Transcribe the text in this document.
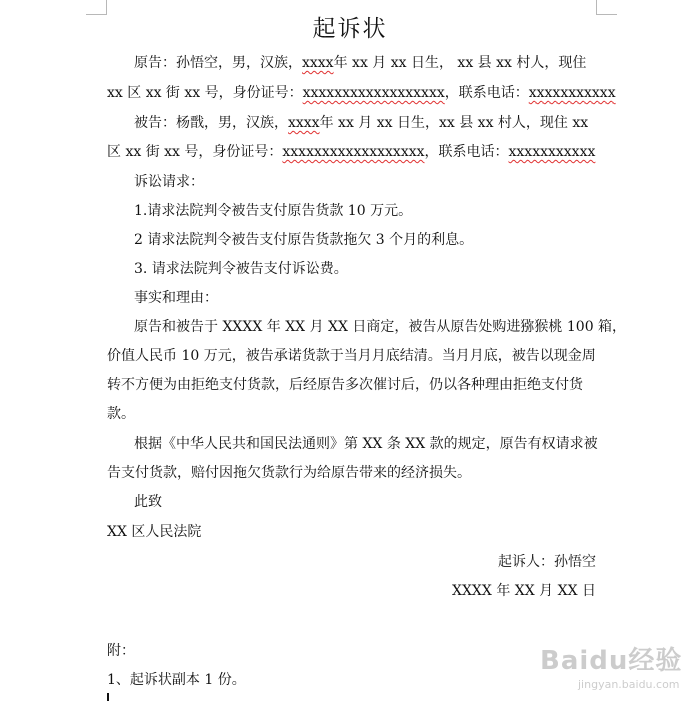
起诉状
原告：孙悟空，男，汉族，xxxx年 xx 月 xx 日生， xx 县 xx 村人，现住
xx 区 xx 街 xx 号，身份证号：xxxxxxxxxxxxxxxxxx，联系电话：xxxxxxxxxxx
被告：杨戬，男，汉族，xxxx年 xx 月 xx 日生，xx 县 xx 村人，现住 xx
区 xx 街 xx 号，身份证号：xxxxxxxxxxxxxxxxxx，联系电话：xxxxxxxxxxx
诉讼请求：
1.请求法院判令被告支付原告货款 10 万元。
2 请求法院判令被告支付原告货款拖欠 3 个月的利息。
3. 请求法院判令被告支付诉讼费。
事实和理由：
原告和被告于 XXXX 年 XX 月 XX 日商定，被告从原告处购进猕猴桃 100 箱，
价值人民币 10 万元，被告承诺货款于当月月底结清。当月月底，被告以现金周
转不方便为由拒绝支付货款，后经原告多次催讨后，仍以各种理由拒绝支付货
款。
根据《中华人民共和国民法通则》第 XX 条 XX 款的规定，原告有权请求被
告支付货款，赔付因拖欠货款行为给原告带来的经济损失。
此致
XX 区人民法院
起诉人：孙悟空
XXXX 年 XX 月 XX 日
附：
1、起诉状副本 1 份。
Baidu经验
jingyan.baidu.com
